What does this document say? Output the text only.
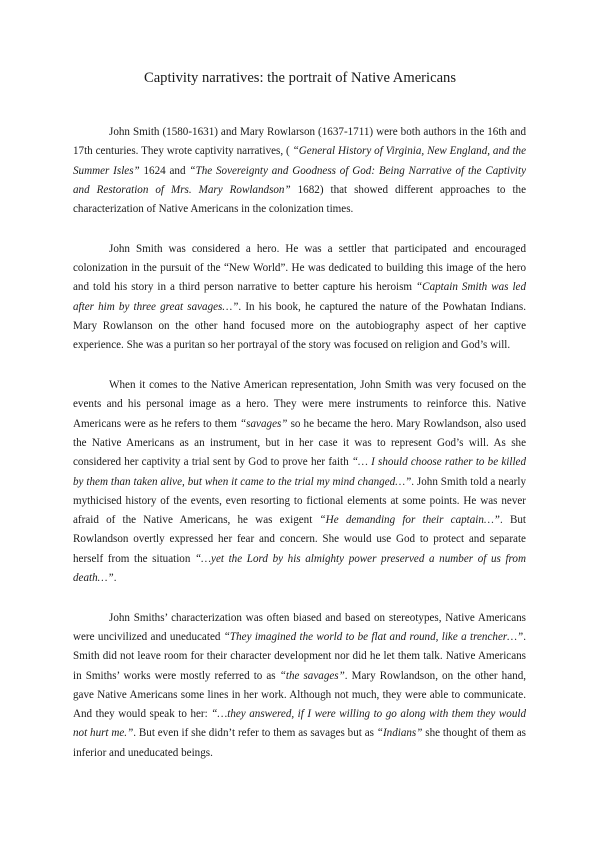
Captivity narratives: the portrait of Native Americans

John Smith (1580-1631) and Mary Rowlarson (1637-1711) were both authors in the 16th and 17th centuries. They wrote captivity narratives, ( “General History of Virginia, New England, and the Summer Isles” 1624 and “The Sovereignty and Goodness of God: Being Narrative of the Captivity and Restoration of Mrs. Mary Rowlandson” 1682) that showed different approaches to the characterization of Native Americans in the colonization times.

John Smith was considered a hero. He was a settler that participated and encouraged colonization in the pursuit of the “New World”. He was dedicated to building this image of the hero and told his story in a third person narrative to better capture his heroism “Captain Smith was led after him by three great savages…”. In his book, he captured the nature of the Powhatan Indians. Mary Rowlanson on the other hand focused more on the autobiography aspect of her captive experience. She was a puritan so her portrayal of the story was focused on religion and God’s will.

When it comes to the Native American representation, John Smith was very focused on the events and his personal image as a hero. They were mere instruments to reinforce this. Native Americans were as he refers to them “savages” so he became the hero. Mary Rowlandson, also used the Native Americans as an instrument, but in her case it was to represent God’s will. As she considered her captivity a trial sent by God to prove her faith “… I should choose rather to be killed by them than taken alive, but when it came to the trial my mind changed…”. John Smith told a nearly mythicised history of the events, even resorting to fictional elements at some points. He was never afraid of the Native Americans, he was exigent “He demanding for their captain…”. But Rowlandson overtly expressed her fear and concern. She would use God to protect and separate herself from the situation “…yet the Lord by his almighty power preserved a number of us from death…”.

John Smiths’ characterization was often biased and based on stereotypes, Native Americans were uncivilized and uneducated “They imagined the world to be flat and round, like a trencher…”. Smith did not leave room for their character development nor did he let them talk. Native Americans in Smiths’ works were mostly referred to as “the savages”. Mary Rowlandson, on the other hand, gave Native Americans some lines in her work. Although not much, they were able to communicate. And they would speak to her: “…they answered, if I were willing to go along with them they would not hurt me.”. But even if she didn’t refer to them as savages but as “Indians” she thought of them as inferior and uneducated beings.
